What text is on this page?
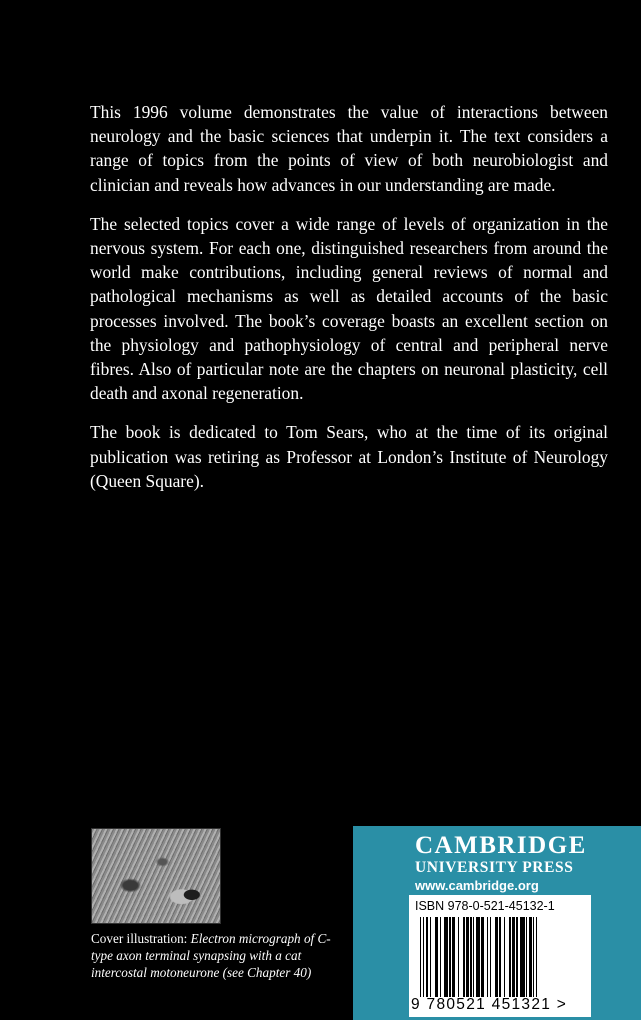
This 1996 volume demonstrates the value of interactions between neurology and the basic sciences that underpin it. The text considers a range of topics from the points of view of both neurobiologist and clinician and reveals how advances in our understanding are made.

The selected topics cover a wide range of levels of organization in the nervous system. For each one, distinguished researchers from around the world make contributions, including general reviews of normal and pathological mechanisms as well as detailed accounts of the basic processes involved. The book’s coverage boasts an excellent section on the physiology and pathophysiology of central and peripheral nerve fibres. Also of particular note are the chapters on neuronal plasticity, cell death and axonal regeneration.

The book is dedicated to Tom Sears, who at the time of its original publication was retiring as Professor at London’s Institute of Neurology (Queen Square).

Cover illustration: Electron micrograph of C-type axon terminal synapsing with a cat intercostal motoneurone (see Chapter 40)
CAMBRIDGE
UNIVERSITY PRESS
www.cambridge.org
ISBN 978-0-521-45132-1
9 780521 451321 >
